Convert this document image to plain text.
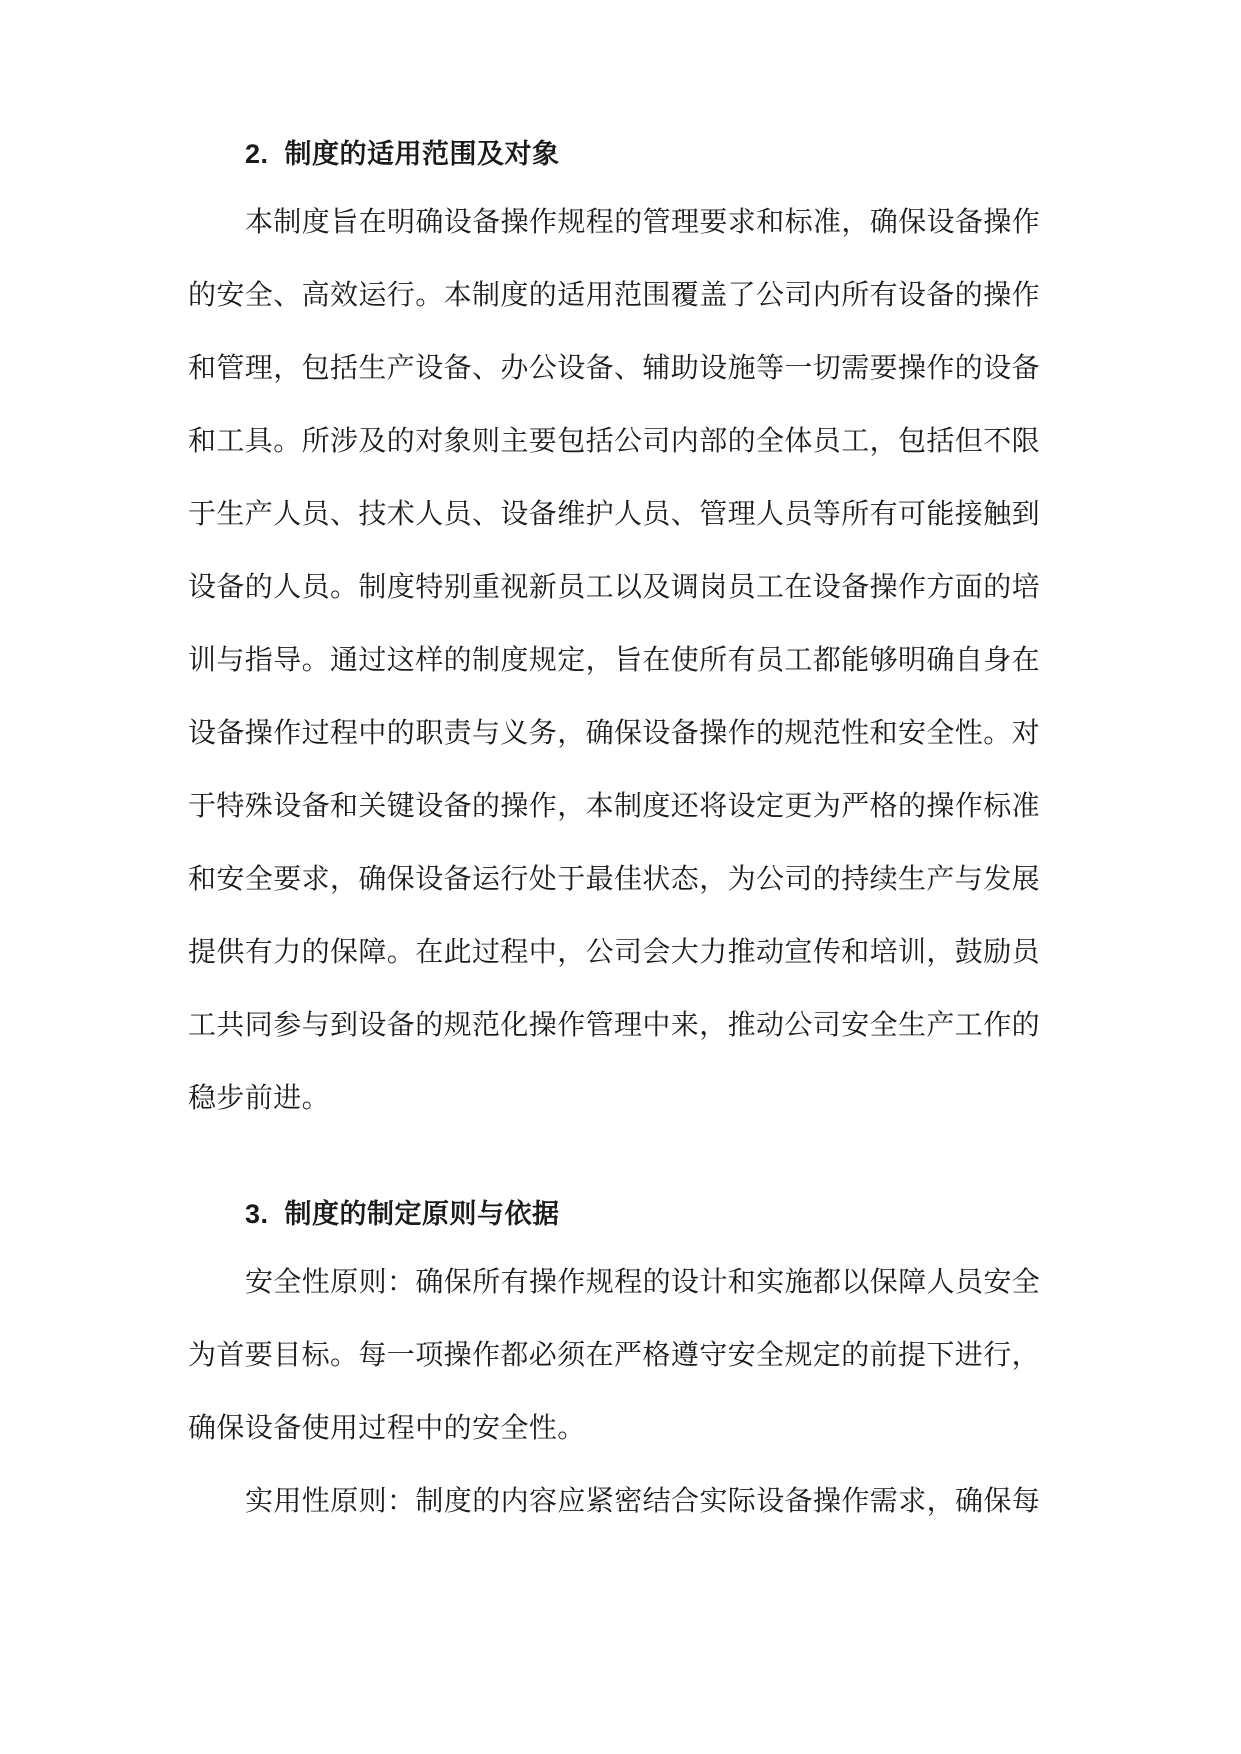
2. 制度的适用范围及对象
本制度旨在明确设备操作规程的管理要求和标准，确保设备操作
的安全、高效运行。本制度的适用范围覆盖了公司内所有设备的操作
和管理，包括生产设备、办公设备、辅助设施等一切需要操作的设备
和工具。所涉及的对象则主要包括公司内部的全体员工，包括但不限
于生产人员、技术人员、设备维护人员、管理人员等所有可能接触到
设备的人员。制度特别重视新员工以及调岗员工在设备操作方面的培
训与指导。通过这样的制度规定，旨在使所有员工都能够明确自身在
设备操作过程中的职责与义务，确保设备操作的规范性和安全性。对
于特殊设备和关键设备的操作，本制度还将设定更为严格的操作标准
和安全要求，确保设备运行处于最佳状态，为公司的持续生产与发展
提供有力的保障。在此过程中，公司会大力推动宣传和培训，鼓励员
工共同参与到设备的规范化操作管理中来，推动公司安全生产工作的
稳步前进。
3. 制度的制定原则与依据
安全性原则：确保所有操作规程的设计和实施都以保障人员安全
为首要目标。每一项操作都必须在严格遵守安全规定的前提下进行，
确保设备使用过程中的安全性。
实用性原则：制度的内容应紧密结合实际设备操作需求，确保每
